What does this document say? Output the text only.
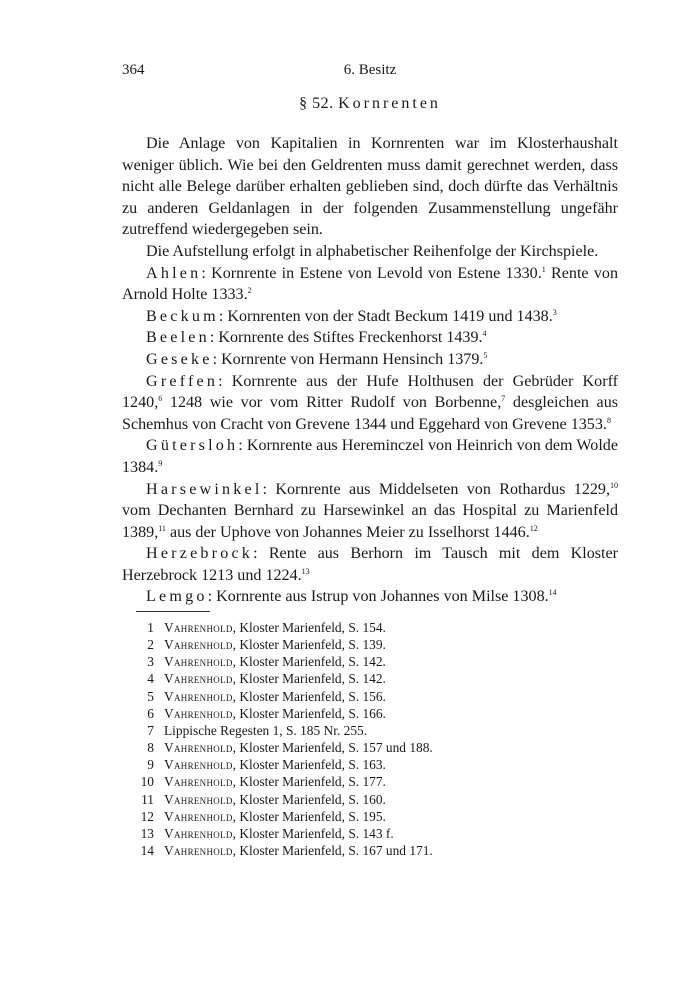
364	6. Besitz
§ 52. Kornrenten

Die Anlage von Kapitalien in Kornrenten war im Klosterhaushalt weniger üblich. Wie bei den Geldrenten muss damit gerechnet werden, dass nicht alle Belege darüber erhalten geblieben sind, doch dürfte das Verhältnis zu anderen Geldanlagen in der folgenden Zusammenstellung ungefähr zutreffend wiedergegeben sein.

Die Aufstellung erfolgt in alphabetischer Reihenfolge der Kirchspiele.

Ahlen: Kornrente in Estene von Levold von Estene 1330.$^1$ Rente von Arnold Holte 1333.$^2$

Beckum: Kornrenten von der Stadt Beckum 1419 und 1438.$^3$

Beelen: Kornrente des Stiftes Freckenhorst 1439.$^4$

Geseke: Kornrente von Hermann Hensinch 1379.$^5$

Greffen: Kornrente aus der Hufe Holthusen der Gebrüder Korff 1240,$^6$ 1248 wie vor vom Ritter Rudolf von Borbenne,$^7$ desgleichen aus Schemhus von Cracht von Grevene 1344 und Eggehard von Grevene 1353.$^8$

Gütersloh: Kornrente aus Hereminczel von Heinrich von dem Wolde 1384.$^9$

Harsewinkel: Kornrente aus Middelseten von Rothardus 1229,10 vom Dechanten Bernhard zu Harsewinkel an das Hospital zu Marienfeld 1389,11 aus der Uphove von Johannes Meier zu Isselhorst 1446.12

Herzebrock: Rente aus Berhorn im Tausch mit dem Kloster Herzebrock 1213 und 1224.13

Lemgo: Kornrente aus Istrup von Johannes von Milse 1308.14

1 Vahrenhold, Kloster Marienfeld, S. 154.
2 Vahrenhold, Kloster Marienfeld, S. 139.
3 Vahrenhold, Kloster Marienfeld, S. 142.
4 Vahrenhold, Kloster Marienfeld, S. 142.
5 Vahrenhold, Kloster Marienfeld, S. 156.
6 Vahrenhold, Kloster Marienfeld, S. 166.
7 Lippische Regesten 1, S. 185 Nr. 255.
8 Vahrenhold, Kloster Marienfeld, S. 157 und 188.
9 Vahrenhold, Kloster Marienfeld, S. 163.
10 Vahrenhold, Kloster Marienfeld, S. 177.
11 Vahrenhold, Kloster Marienfeld, S. 160.
12 Vahrenhold, Kloster Marienfeld, S. 195.
13 Vahrenhold, Kloster Marienfeld, S. 143 f.
14 Vahrenhold, Kloster Marienfeld, S. 167 und 171.
